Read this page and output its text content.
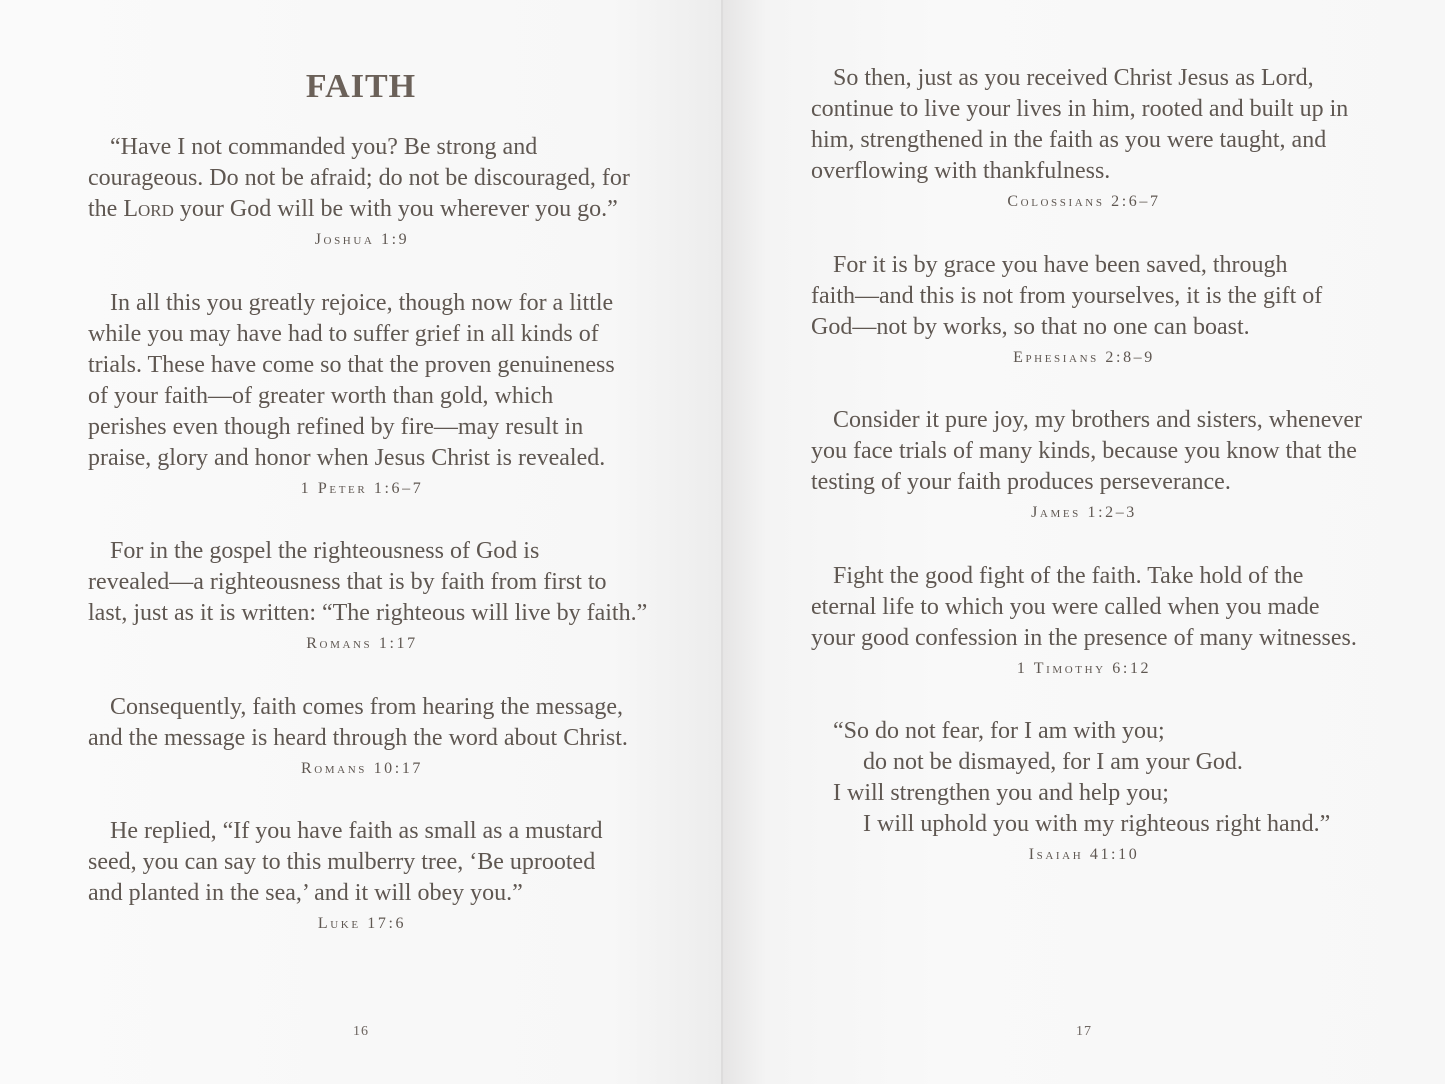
FAITH
“Have I not commanded you? Be strong and
courageous. Do not be afraid; do not be discouraged, for
the Lord your God will be with you wherever you go.”
Joshua 1:9
In all this you greatly rejoice, though now for a little
while you may have had to suffer grief in all kinds of
trials. These have come so that the proven genuineness
of your faith—of greater worth than gold, which
perishes even though refined by fire—may result in
praise, glory and honor when Jesus Christ is revealed.
1 Peter 1:6–7
For in the gospel the righteousness of God is
revealed—a righteousness that is by faith from first to
last, just as it is written: “The righteous will live by faith.”
Romans 1:17
Consequently, faith comes from hearing the message,
and the message is heard through the word about Christ.
Romans 10:17
He replied, “If you have faith as small as a mustard
seed, you can say to this mulberry tree, ‘Be uprooted
and planted in the sea,’ and it will obey you.”
Luke 17:6
16
So then, just as you received Christ Jesus as Lord,
continue to live your lives in him, rooted and built up in
him, strengthened in the faith as you were taught, and
overflowing with thankfulness.
Colossians 2:6–7
For it is by grace you have been saved, through
faith—and this is not from yourselves, it is the gift of
God—not by works, so that no one can boast.
Ephesians 2:8–9
Consider it pure joy, my brothers and sisters, whenever
you face trials of many kinds, because you know that the
testing of your faith produces perseverance.
James 1:2–3
Fight the good fight of the faith. Take hold of the
eternal life to which you were called when you made
your good confession in the presence of many witnesses.
1 Timothy 6:12
“So do not fear, for I am with you;
do not be dismayed, for I am your God.
I will strengthen you and help you;
I will uphold you with my righteous right hand.”
Isaiah 41:10
17
